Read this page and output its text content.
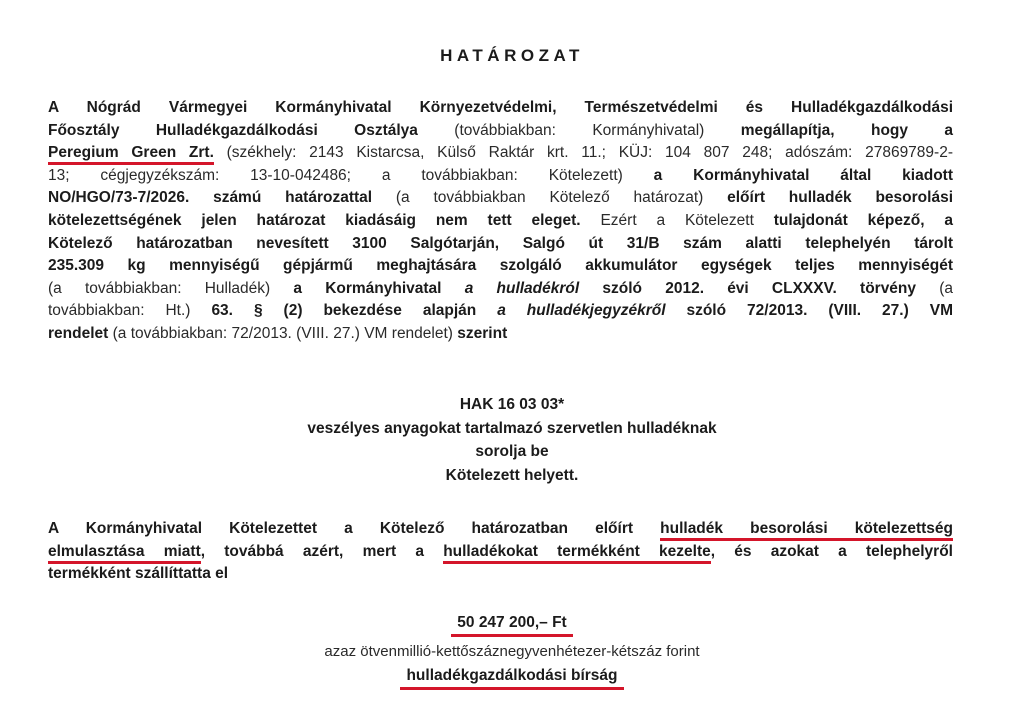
HATÁROZAT
A Nógrád Vármegyei Kormányhivatal Környezetvédelmi, Természetvédelmi és Hulladékgazdálkodási
Főosztály Hulladékgazdálkodási Osztálya (továbbiakban: Kormányhivatal) megállapítja, hogy a
Peregium Green Zrt. (székhely: 2143 Kistarcsa, Külső Raktár krt. 11.; KÜJ: 104 807 248; adószám: 27869789-2-
13; cégjegyzékszám: 13-10-042486; a továbbiakban: Kötelezett) a Kormányhivatal által kiadott
NO/HGO/73-7/2026. számú határozattal (a továbbiakban Kötelező határozat) előírt hulladék besorolási
kötelezettségének jelen határozat kiadásáig nem tett eleget. Ezért a Kötelezett tulajdonát képező, a
Kötelező határozatban nevesített 3100 Salgótarján, Salgó út 31/B szám alatti telephelyén tárolt
235.309 kg mennyiségű gépjármű meghajtására szolgáló akkumulátor egységek teljes mennyiségét
(a továbbiakban: Hulladék) a Kormányhivatal a hulladékról szóló 2012. évi CLXXXV. törvény (a
továbbiakban: Ht.) 63. § (2) bekezdése alapján a hulladékjegyzékről szóló 72/2013. (VIII. 27.) VM
rendelet (a továbbiakban: 72/2013. (VIII. 27.) VM rendelet) szerint
HAK 16 03 03*
veszélyes anyagokat tartalmazó szervetlen hulladéknak
sorolja be
Kötelezett helyett.
A Kormányhivatal Kötelezettet a Kötelező határozatban előírt hulladék besorolási kötelezettség
elmulasztása miatt, továbbá azért, mert a hulladékokat termékként kezelte, és azokat a telephelyről
termékként szállíttatta el
50 247 200,– Ft
azaz ötvenmillió-kettőszáznegyvenhétezer-kétszáz forint
hulladékgazdálkodási bírság
